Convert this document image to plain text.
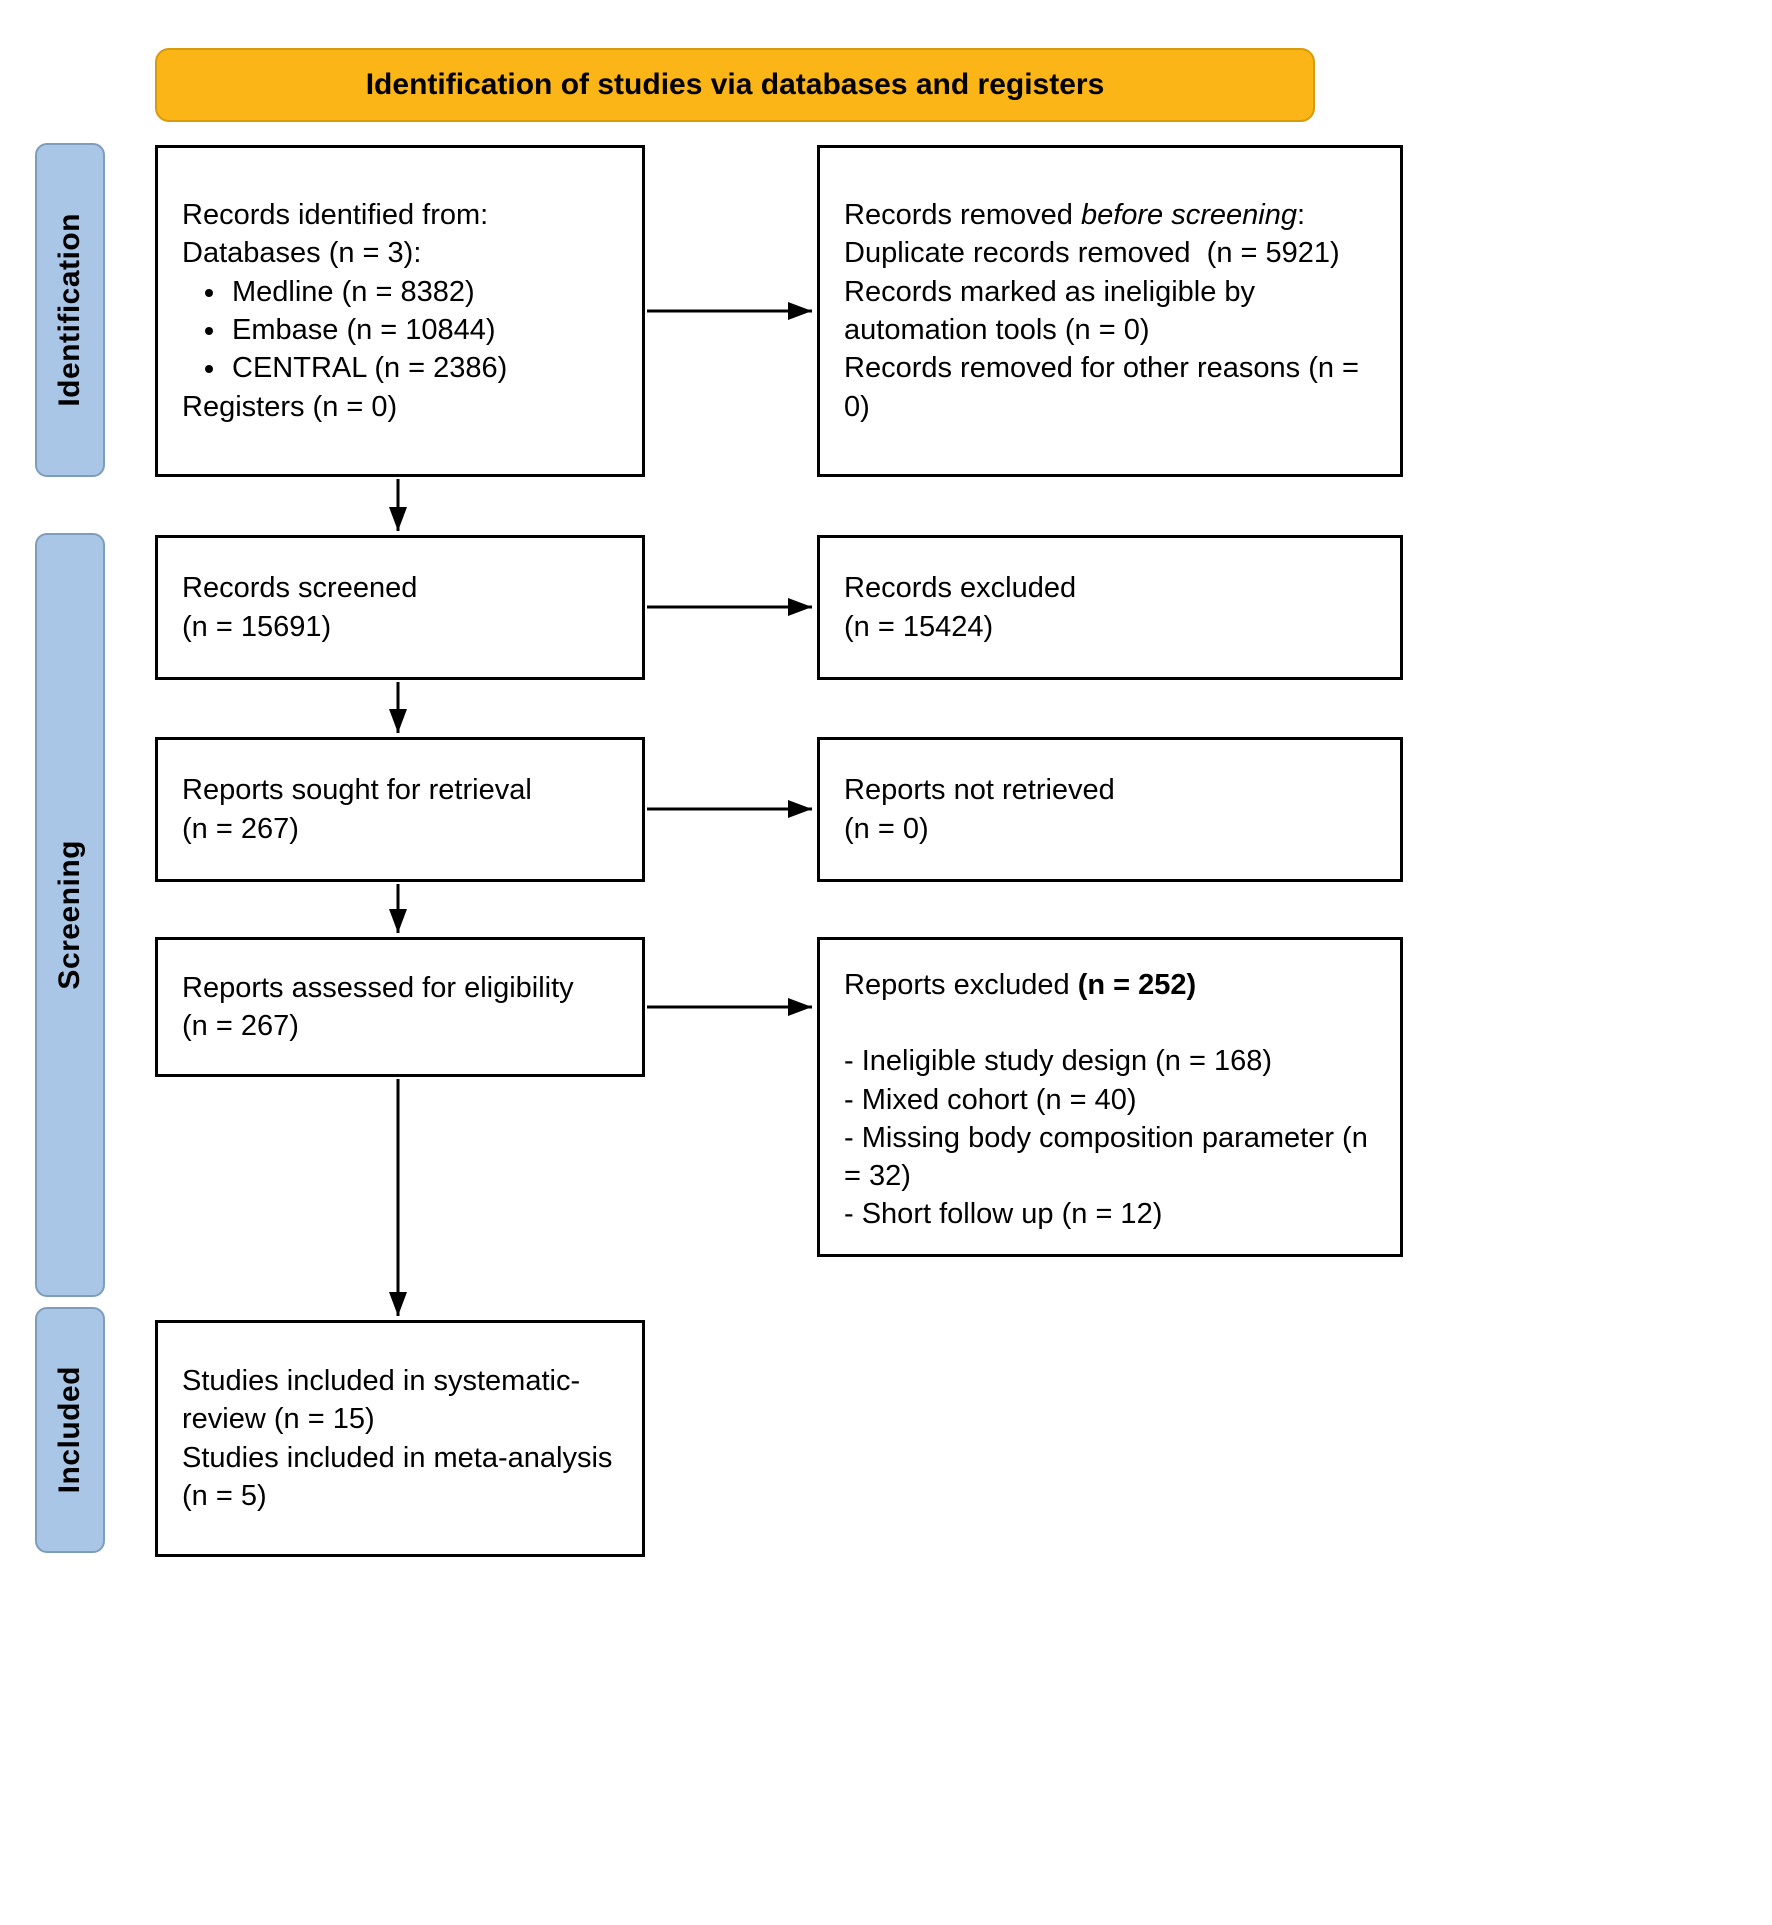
Identification of studies via databases and registers
Identification
Screening
Included
Records identified from:
Databases (n = 3):
• Medline (n = 8382)
• Embase (n = 10844)
• CENTRAL (n = 2386)
Registers (n = 0)
Records removed before screening:
Duplicate records removed  (n = 5921)
Records marked as ineligible by automation tools (n = 0)
Records removed for other reasons (n = 0)
Records screened
(n = 15691)
Records excluded
(n = 15424)
Reports sought for retrieval
(n = 267)
Reports not retrieved
(n = 0)
Reports assessed for eligibility
(n = 267)
Reports excluded (n = 252)
- Ineligible study design (n = 168)
- Mixed cohort (n = 40)
- Missing body composition parameter (n = 32)
- Short follow up (n = 12)
Studies included in systematic-review (n = 15)
Studies included in meta-analysis (n = 5)
